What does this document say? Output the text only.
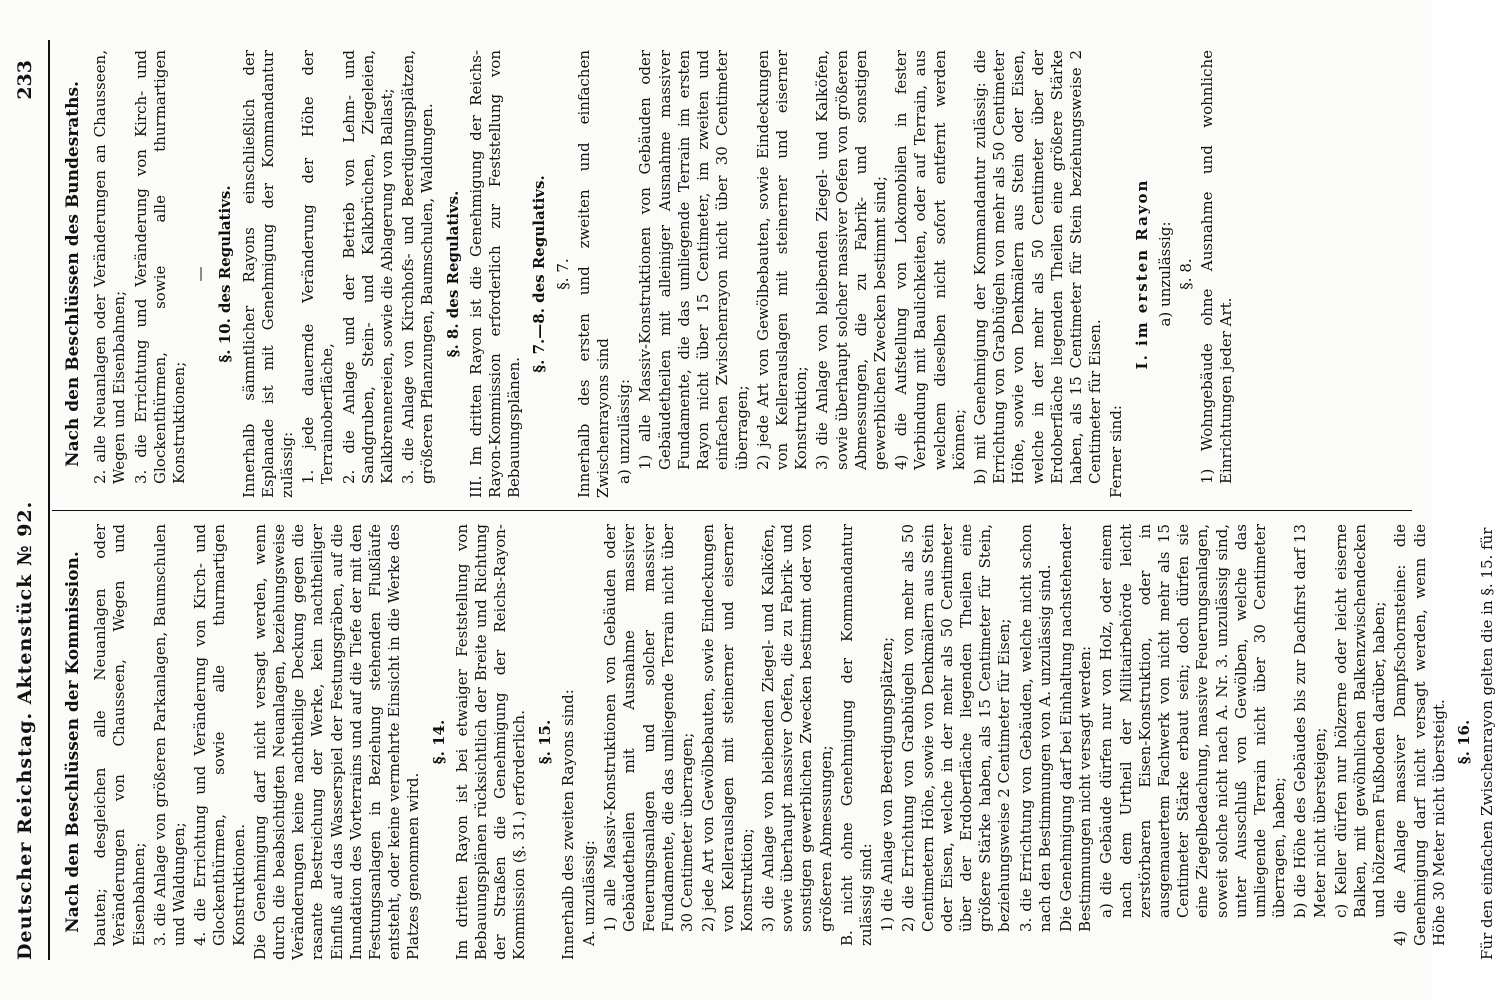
Deutscher Reichstag. Aktenstück № 92.
233

Nach den Beschlüssen der Kommission. bauten; desgleichen alle Neuanlagen oder Veränderungen von Chausseen, Wegen und Eisenbahnen; 3. die Anlage von größeren Parkanlagen, Baumschulen und Waldungen; 4. die Errichtung und Veränderung von Kirch- und Glockenthürmen, sowie alle thurmartigen Konstruktionen. Die Genehmigung darf nicht versagt werden, wenn durch die beabsichtigten Neuanlagen, beziehungsweise Veränderungen keine nachtheilige Deckung gegen die rasante Bestreichung der Werke, kein nachtheiliger Einfluß auf das Wasserspiel der Festungsgräben, auf die Inundation des Vorterrains und auf die Tiefe der mit den Festungsanlagen in Beziehung stehenden Flußläufe entsteht, oder keine vermehrte Einsicht in die Werke des Platzes genommen wird.

§. 14. Im dritten Rayon ist bei etwaiger Feststellung von Bebauungsplänen rücksichtlich der Breite und Richtung der Straßen die Genehmigung der Reichs-Rayon-Kommission (§. 31.) erforderlich. §. 15. Innerhalb des zweiten Rayons sind: A. unzulässig: 1) alle Massiv-Konstruktionen von Gebäuden oder Gebäudetheilen mit Ausnahme massiver Feuerungsanlagen und solcher massiver Fundamente, die das umliegende Terrain nicht über 30 Centimeter überragen; 2) jede Art von Gewölbebauten, sowie Eindeckungen von Kellerauslagen mit steinerner und eiserner Konstruktion; 3) die Anlage von bleibenden Ziegel- und Kalköfen, sowie überhaupt massiver Oefen, die zu Fabrik- und sonstigen gewerblichen Zwecken bestimmt oder von größeren Abmessungen; B. nicht ohne Genehmigung der Kommandantur zulässig sind: 1) die Anlage von Beerdigungsplätzen; 2) die Errichtung von Grabhügeln von mehr als 50 Centimetern Höhe, sowie von Denkmälern aus Stein oder Eisen, welche in der mehr als 50 Centimeter über der Erdoberfläche liegenden Theilen eine größere Stärke haben, als 15 Centimeter für Stein, beziehungsweise 2 Centimeter für Eisen; 3. die Errichtung von Gebäuden, welche nicht schon nach den Bestimmungen von A. unzulässig sind. Die Genehmigung darf bei Einhaltung nachstehender Bestimmungen nicht versagt werden: a) die Gebäude dürfen nur von Holz, oder einem nach dem Urtheil der Militairbehörde leicht zerstörbaren Eisen-Konstruktion, oder in ausgemauertem Fachwerk von nicht mehr als 15 Centimeter Stärke erbaut sein; doch dürfen sie eine Ziegelbedachung, massive Feuerungsanlagen, soweit solche nicht nach A. Nr. 3. unzulässig sind, unter Ausschluß von Gewölben, welche das umliegende Terrain nicht über 30 Centimeter überragen, haben; b) die Höhe des Gebäudes bis zur Dachfirst darf 13 Meter nicht übersteigen; c) Keller dürfen nur hölzerne oder leicht eiserne Balken, mit gewöhnlichen Balkenzwischendecken und hölzernen Fußboden darüber, haben; 4) die Anlage massiver Dampfschornsteine: die Genehmigung darf nicht versagt werden, wenn die Höhe 30 Meter nicht übersteigt. §. 16. Für den einfachen Zwischenrayon gelten die in §. 15. für

Nach den Beschlüssen des Bundesraths. 2. alle Neuanlagen oder Veränderungen an Chausseen, Wegen und Eisenbahnen; 3. die Errichtung und Veränderung von Kirch- und Glockenthürmen, sowie alle thurmartigen Konstruktionen;

— §. 10. des Regulativs. Innerhalb sämmtlicher Rayons einschließlich der Esplanade ist mit Genehmigung der Kommandantur zulässig: 1. jede dauernde Veränderung der Höhe der Terrainoberfläche, 2. die Anlage und der Betrieb von Lehm- und Sandgruben, Stein- und Kalkbrüchen, Ziegeleien, Kalkbrennereien, sowie die Ablagerung von Ballast; 3. die Anlage von Kirchhofs- und Beerdigungsplätzen, größeren Pflanzungen, Baumschulen, Waldungen. §. 8. des Regulativs. III. Im dritten Rayon ist die Genehmigung der Reichs-Rayon-Kommission erforderlich zur Feststellung von Bebauungsplänen.

§. 7.—8. des Regulativs. §. 7. Innerhalb des ersten und zweiten und einfachen Zwischenrayons sind a) unzulässig: 1) alle Massiv-Konstruktionen von Gebäuden oder Gebäudetheilen mit alleiniger Ausnahme massiver Fundamente, die das umliegende Terrain im ersten Rayon nicht über 15 Centimeter, im zweiten und einfachen Zwischenrayon nicht über 30 Centimeter überragen; 2) jede Art von Gewölbebauten, sowie Eindeckungen von Kellerauslagen mit steinerner und eiserner Konstruktion; 3) die Anlage von bleibenden Ziegel- und Kalköfen, sowie überhaupt solcher massiver Oefen von größeren Abmessungen, die zu Fabrik- und sonstigen gewerblichen Zwecken bestimmt sind; 4) die Aufstellung von Lokomobilen in fester Verbindung mit Baulichkeiten, oder auf Terrain, aus welchem dieselben nicht sofort entfernt werden können; b) mit Genehmigung der Kommandantur zulässig: die Errichtung von Grabhügeln von mehr als 50 Centimeter Höhe, sowie von Denkmälern aus Stein oder Eisen, welche in der mehr als 50 Centimeter über der Erdoberfläche liegenden Theilen eine größere Stärke haben, als 15 Centimeter für Stein beziehungsweise 2 Centimeter für Eisen. Ferner sind:

I. im ersten Rayon a) unzulässig: §. 8. 1) Wohngebäude ohne Ausnahme und wohnliche Einrichtungen jeder Art.
